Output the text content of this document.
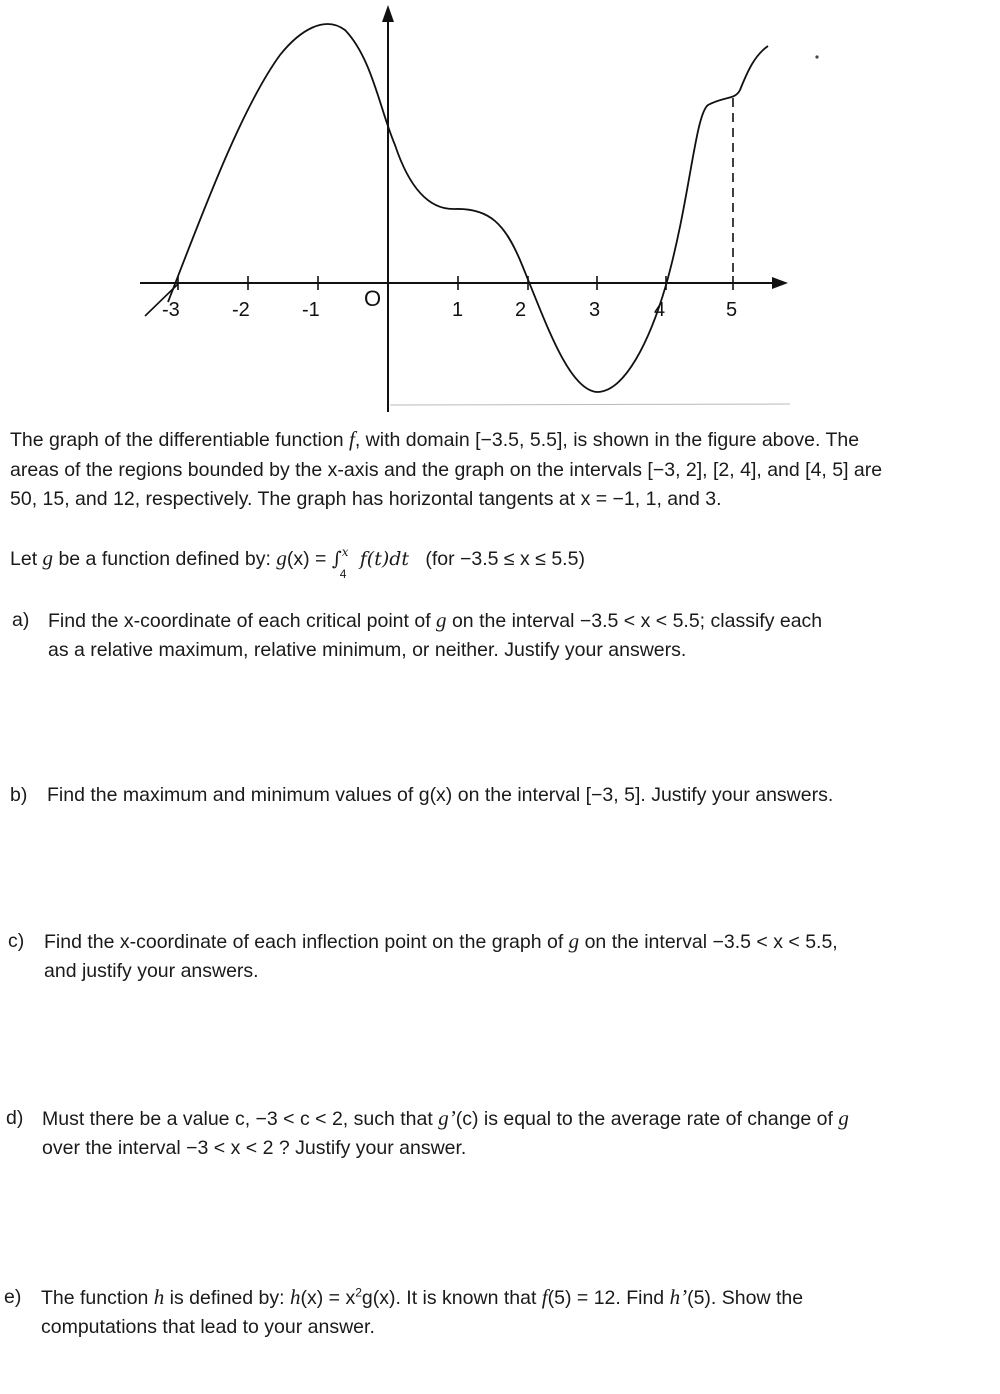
-3	-2	-1 O	1	2	3	4	5
The graph of the differentiable function f, with domain [−3.5, 5.5], is shown in the figure above. The
areas of the regions bounded by the x-axis and the graph on the intervals [−3, 2], [2, 4], and [4, 5] are
50, 15, and 12, respectively. The graph has horizontal tangents at x = −1, 1, and 3.
Let g be a function defined by: g(x) = ∫ x
4
f(t)dt (for −3.5 ≤ x ≤ 5.5)
a) Find the x-coordinate of each critical point of g on the interval −3.5 < x < 5.5; classify each
as a relative maximum, relative minimum, or neither. Justify your answers.
b) Find the maximum and minimum values of g(x) on the interval [−3, 5]. Justify your answers.
c) Find the x-coordinate of each inflection point on the graph of g on the interval −3.5 < x < 5.5,
and justify your answers.
d) Must there be a value c, −3 < c < 2, such that g’(c) is equal to the average rate of change of g
over the interval −3 < x < 2 ? Justify your answer.
e) The function h is defined by: $h(x) = x^2g(x)$. It is known that f(5) = 12. Find h’(5). Show the
computations that lead to your answer.
